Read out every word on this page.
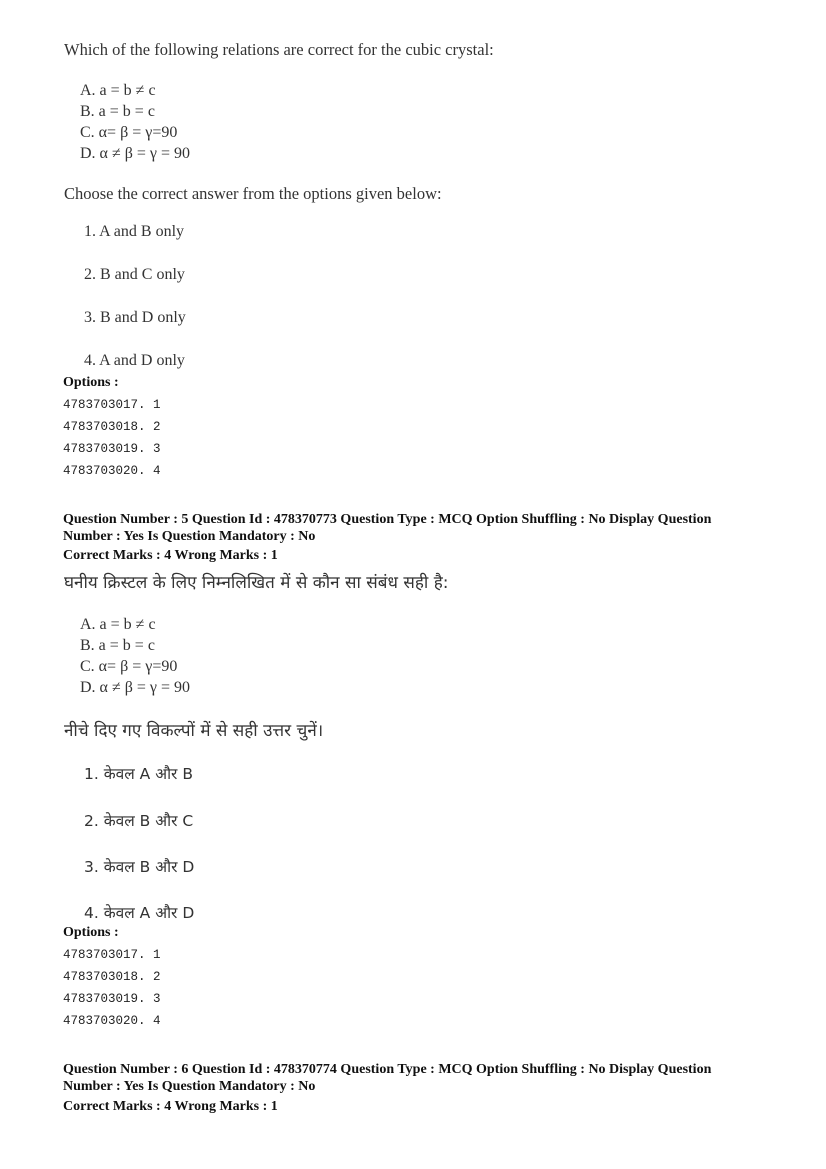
Which of the following relations are correct for the cubic crystal:
A. a = b ≠ c
B. a = b = c
C. α= β = γ=90
D. α ≠ β = γ = 90
Choose the correct answer from the options given below:
1. A and B only
2. B and C only
3. B and D only
4. A and D only
Options :
4783703017. 1
4783703018. 2
4783703019. 3
4783703020. 4
Question Number : 5 Question Id : 478370773 Question Type : MCQ Option Shuffling : No Display Question
Number : Yes Is Question Mandatory : No
Correct Marks : 4 Wrong Marks : 1
घनीय क्रिस्टल के लिए निम्नलिखित में से कौन सा संबंध सही है:
A. a = b ≠ c
B. a = b = c
C. α= β = γ=90
D. α ≠ β = γ = 90
नीचे दिए गए विकल्पों में से सही उत्तर चुनें।
1. केवल A और B
2. केवल B और C
3. केवल B और D
4. केवल A और D
Options :
4783703017. 1
4783703018. 2
4783703019. 3
4783703020. 4
Question Number : 6 Question Id : 478370774 Question Type : MCQ Option Shuffling : No Display Question
Number : Yes Is Question Mandatory : No
Correct Marks : 4 Wrong Marks : 1
